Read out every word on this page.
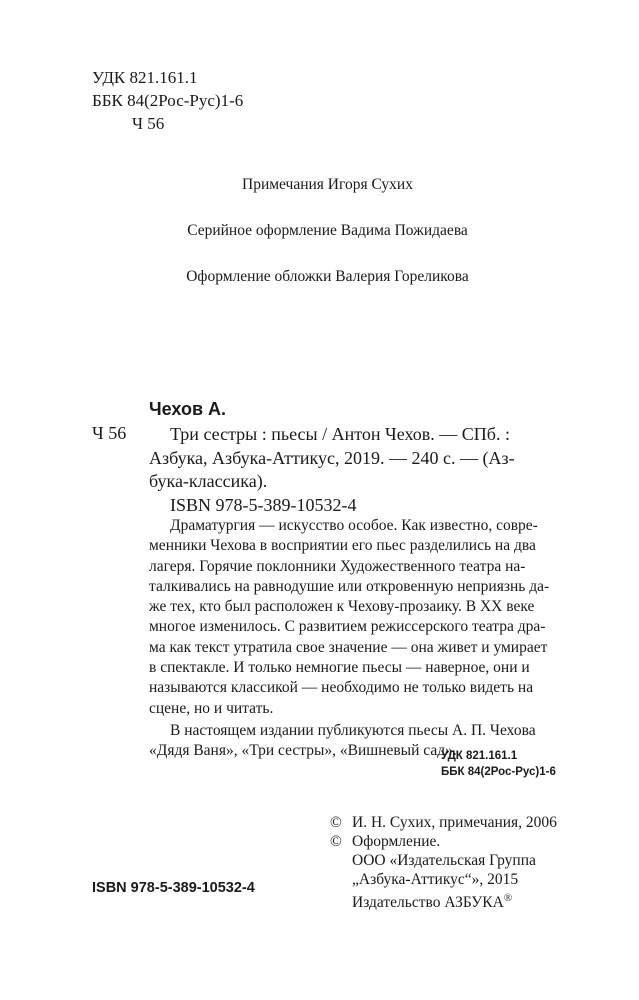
УДК 821.161.1
ББК 84(2Рос-Рус)1-6
Ч 56
Примечания Игоря Сухих
Серийное оформление Вадима Пожидаева
Оформление обложки Валерия Гореликова
Чехов А.
Ч 56	Три сестры : пьесы / Антон Чехов. — СПб. :
Азбука, Азбука-Аттикус, 2019. — 240 с. — (Аз-
бука-классика).
ISBN 978-5-389-10532-4
Драматургия — искусство особое. Как известно, совре-
менники Чехова в восприятии его пьес разделились на два
лагеря. Горячие поклонники Художественного театра на-
талкивались на равнодушие или откровенную неприязнь да-
же тех, кто был расположен к Чехову-прозаику. В XX веке
многое изменилось. С развитием режиссерского театра дра-
ма как текст утратила свое значение — она живет и умирает
в спектакле. И только немногие пьесы — наверное, они и
называются классикой — необходимо не только видеть на
сцене, но и читать.
В настоящем издании публикуются пьесы А. П. Чехова
«Дядя Ваня», «Три сестры», «Вишневый сад».
УДК 821.161.1
ББК 84(2Рос-Рус)1-6
© И. Н. Сухих, примечания, 2006
© Оформление.
ООО «Издательская Группа
„Азбука-Аттикус“», 2015
Издательство АЗБУКА®
ISBN 978-5-389-10532-4
